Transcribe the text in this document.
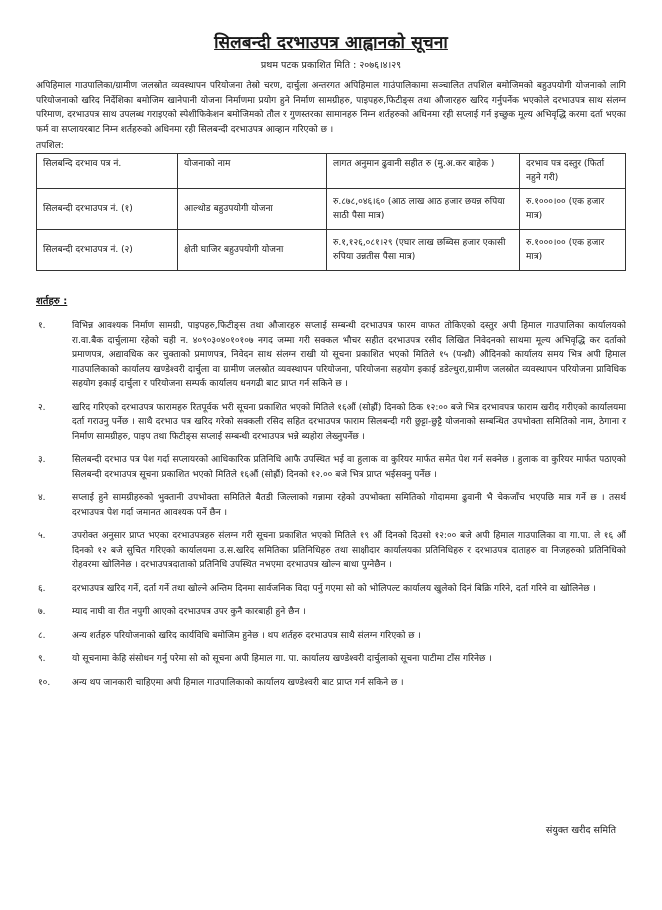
सिलबन्दी दरभाउपत्र आह्वानको सूचना
प्रथम पटक प्रकाशित मिति : २०७६।४।२९

अपिहिमाल गाउपालिका/ग्रामीण जलस्रोत व्यवस्थापन परियोजना तेस्रो चरण, दार्चुला अन्तरगत अपिहिमाल गाउंपालिकामा सञ्चालित तपशिल बमोजिमको बहुउपयोगी योजनाको लागि परियोजनाको खरिद निर्देशिका बमोजिम खानेपानी योजना निर्माणमा प्रयोग हुने निर्माण सामग्रीहरु, पाइपहरु,फिटीङ्स तथा औजारहरु खरिद गर्नुपर्नेक भएकोले दरभाउपत्र साथ संलग्न परिमाण, दरभाउपत्र साथ उपलब्ध गराइएको स्पेशीफिकेशन बमोजिमको तौल र गुणस्तरका सामानहरु निम्न शर्तहरुको अधिनमा रही सप्लाई गर्न इच्छुक मूल्य अभिवृद्धि करमा दर्ता भएका फर्म वा सप्लायरबाट निम्न शर्तहरुको अधिनमा रही सिलबन्दी दरभाउपत्र आव्हान गरिएको छ ।

तपशिल:
सिलबन्दि दरभाव पत्र नं.	योजनाको नाम	लागत अनुमान ढुवानी सहीत रु (मु.अ.कर बाहेक )	दरभाव पत्र दस्तुर (फिर्ता नहुने गरी)
सिलबन्दी दरभाउपत्र नं. (१)	आल्थोड बहुउपयोगी योजना	रु.८७८,०४६।६० (आठ लाख आठ हजार छयन्न रुपिया साठी पैसा मात्र)	रु.१०००।०० (एक हजार मात्र)
सिलबन्दी दरभाउपत्र नं. (२)	क्षेती घाजिर बहुउपयोगी योजना	रु.१,१२६,०८१।२९ (एघार लाख छब्विस हजार एकासी रुपिया उन्नतीस पैसा मात्र)	रु.१०००।०० (एक हजार मात्र)
शर्तहरु :
१.	विभिन्न आवश्यक निर्माण सामग्री, पाइपहरु,फिटीङ्स तथा औजारहरु सप्लाई सम्बन्धी दरभाउपत्र फारम वाफत तोकिएको दस्तुर अपी हिमाल गाउपालिका कार्यालयको रा.वा.बैक दार्चुलामा रहेको चही न. ४०९०३०४०१०१०७ नगद जम्मा गरी सक्कल भौचर सहीत दरभाउपत्र रसीद लिखित निवेदनको साथमा मूल्य अभिवृद्धि कर दर्ताको प्रमाणपत्र, अद्यावधिक कर चुक्ताको प्रमाणपत्र, निवेदन साथ संलग्न राखी यो सूचना प्रकाशित भएको मितिले १५ (पन्ध्रौ) औदिनको कार्यालय समय भित्र अपी हिमाल गाउपालिकाको कार्यालय खण्डेश्वरी दार्चुला वा ग्रामीण जलस्रोत व्यवस्थापन परियोजना, परियोजना सहयोग इकाई डडेल्धुरा,ग्रामीण जलस्रोत व्यवस्थापन परियोजना प्राविधिक सहयोग इकाई दार्चुला र परियोजना सम्पर्क कार्यालय धनगढी बाट प्राप्त गर्न सकिने छ ।
२.	खरिद गरिएको दरभाउपत्र फारामहरु रितपूर्वक भरी सूचना प्रकाशित भएको मितिले १६औं (सोह्रौं) दिनको ठिक १२:०० बजे भित्र दरभावपत्र फाराम खरीद गरीएको कार्यालयमा दर्ता गराउनु पर्नेछ । साथै दरभाउ पत्र खरिद गरेको सक्कली रसिद सहित दरभाउपत्र फाराम सिलबन्दी गरी छुट्टा-छुट्टै योजनाको सम्बन्धित उपभोक्ता समितिको नाम, ठेगाना र निर्माण सामग्रीहरु, पाइप तथा फिटीङ्स सप्लाई सम्बन्धी दरभाउपत्र भन्ने ब्यहोरा लेख्नुपर्नेछ ।
३.	सिलबन्दी दरभाउ पत्र पेश गर्दा सप्लायरको आधिकारिक प्रतिनिधि आफै उपस्थित भई वा हुलाक वा कुरियर मार्फत समेत पेश गर्न सक्नेछ । हुलाक वा कुरियर मार्फत पठाएको सिलबन्दी दरभाउपत्र सूचना प्रकाशित भएको मितिले १६औं (सोह्रौं) दिनको १२.०० बजे भित्र प्राप्त भईसक्नु पर्नेछ ।
४.	सप्लाई हुने सामग्रीहरुको भुक्तानी उपभोक्ता समितिले बैतडी जिल्लाको गन्नामा रहेको उपभोक्ता समितिको गोदाममा ढुवानी भै चेकजाँच भएपछि मात्र गर्ने छ । तसर्थ दरभाउपत्र पेश गर्दा जमानत आवश्यक पर्ने छैन ।
५.	उपरोक्त अनुसार प्राप्त भएका दरभाउपत्रहरु संलग्न गरी सूचना प्रकाशित भएको मितिले १९ औं दिनको दिउसो १२:०० बजे अपी हिमाल गाउपालिका वा गा.पा. ले १६ औं दिनको १२ बजे सुचित गरिएको कार्यालयमा उ.स.खरिद समितिका प्रतिनिधिहरु तथा साक्षीदार कार्यालयका प्रतिनिधिहरु र दरभाउपत्र दाताहरु वा निजहरुको प्रतिनिधिको रोहवरमा खोलिनेछ । दरभाउपत्रदाताको प्रतिनिधि उपस्थित नभएमा दरभाउपत्र खोल्न बाधा पुग्नेछैन ।
६.	दरभाउपत्र खरिद गर्ने, दर्ता गर्ने तथा खोल्ने अन्तिम दिनमा सार्वजनिक विदा पर्नु गएमा सो को भोलिपल्ट कार्यालय खुलेको दिनं बिक्रि गरिने, दर्ता गरिने वा खोलिनेछ ।
७.	म्याद नाघी वा रीत नपुगी आएको दरभाउपत्र उपर कुनै कारबाही हुने छैन ।
८.	अन्य शर्तहरु परियोजनाको खरिद कार्यविधि बमोजिम हुनेछ । थप शर्तहरु दरभाउपत्र साथै संलग्न गरिएको छ ।
९.	यो सूचनामा केहि संसोधन गर्नु परेमा सो को सूचना अपी हिमाल गा. पा. कार्यालय खण्डेश्वरी दार्चुलाको सूचना पाटीमा टाँस गरिनेछ ।
१०.	अन्य थप जानकारी चाहिएमा अपी हिमाल गाउपालिकाको कार्यालय खण्डेश्वरी बाट प्राप्त गर्न सकिने छ ।
संयुक्त खरीद समिति
